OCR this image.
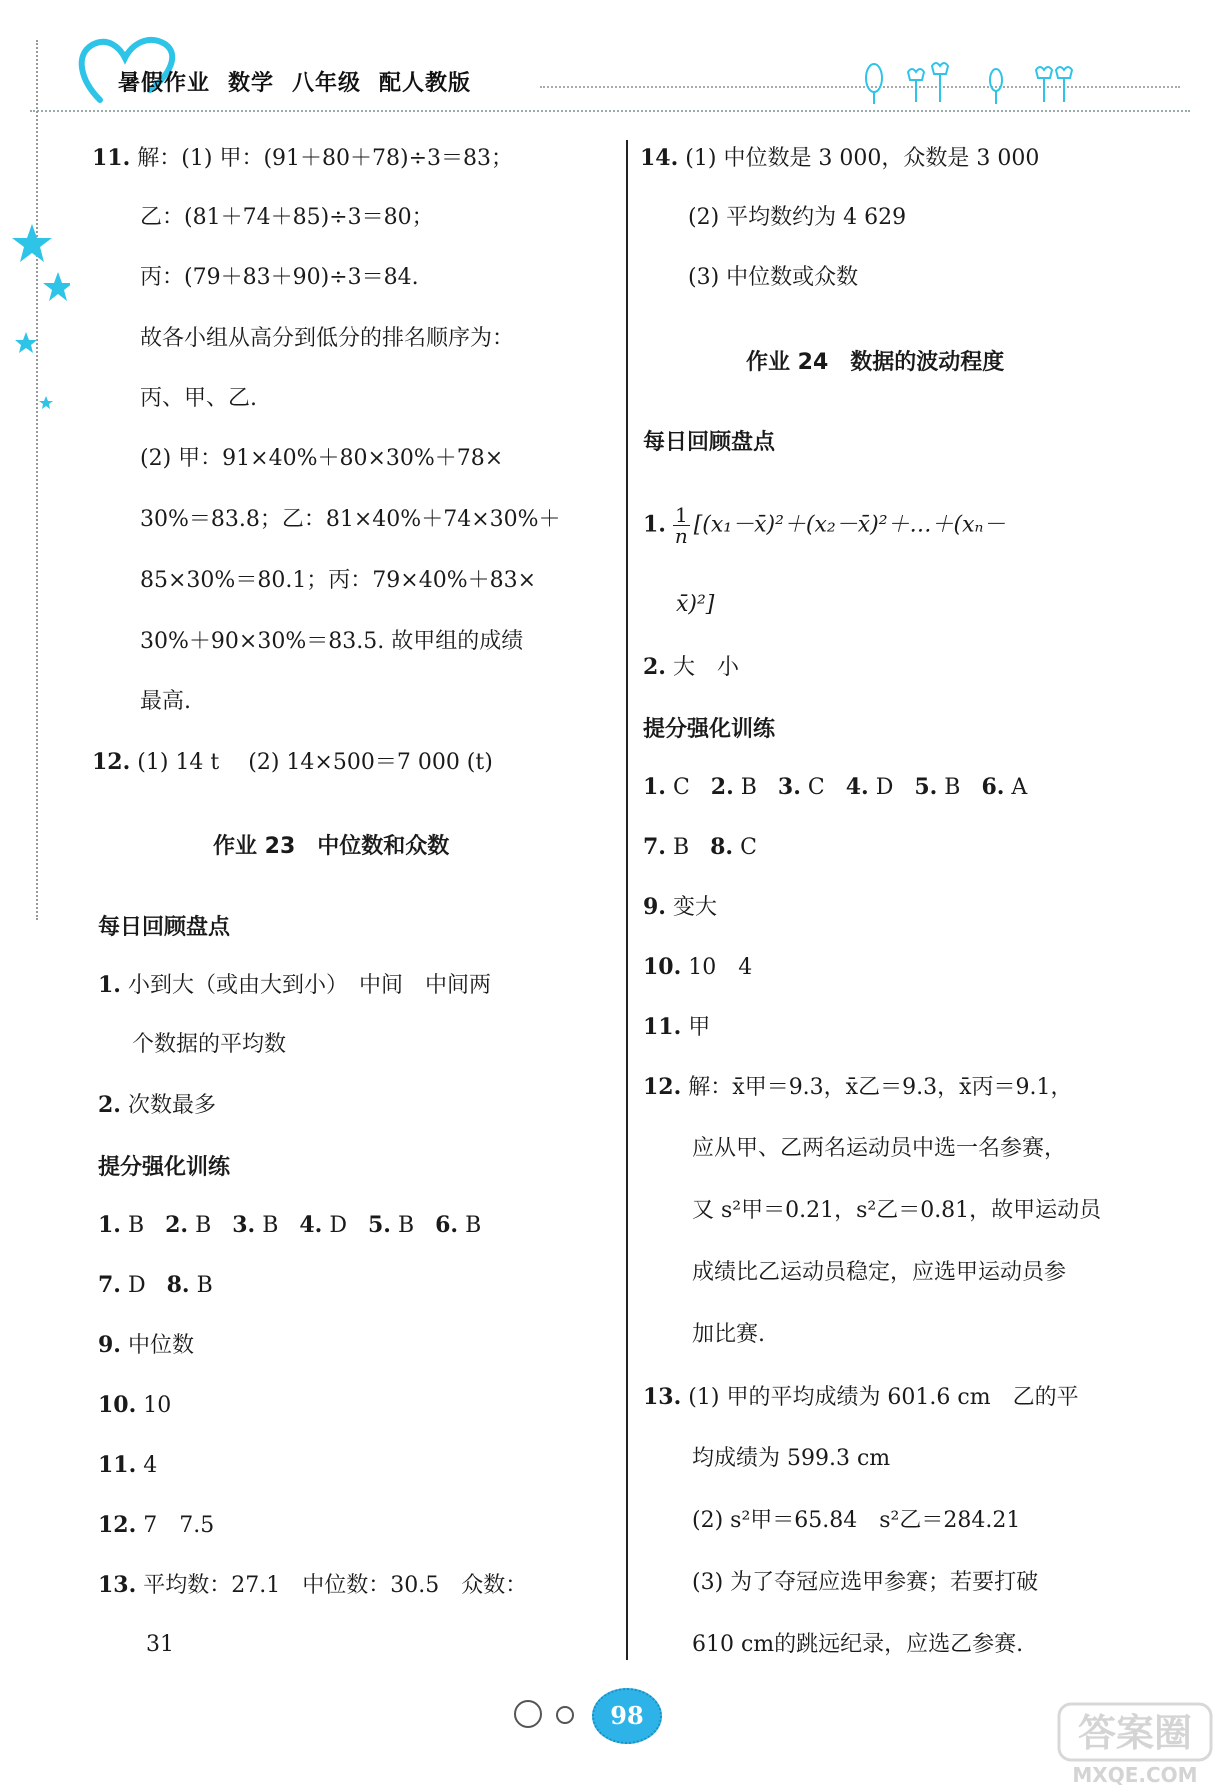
暑假作业 数学 八年级 配人教版
11. 解：(1) 甲：(91＋80＋78)÷3＝83；
乙：(81＋74＋85)÷3＝80；
丙：(79＋83＋90)÷3＝84.
故各小组从高分到低分的排名顺序为：
丙、甲、乙.
(2) 甲：91×40%＋80×30%＋78×
30%＝83.8；乙：81×40%＋74×30%＋
85×30%＝80.1；丙：79×40%＋83×
30%＋90×30%＝83.5. 故甲组的成绩
最高.
12. (1) 14 t　 (2) 14×500＝7 000 (t)
作业 23　中位数和众数
每日回顾盘点
1. 小到大（或由大到小）　中间　中间两
个数据的平均数
2. 次数最多
提分强化训练
1. B 2. B 3. B 4. D 5. B 6. B
7. D 8. B
9. 中位数
10. 10
11. 4
12. 7　7.5
13. 平均数：27.1　中位数：30.5　众数：
31
14. (1) 中位数是 3 000，众数是 3 000
(2) 平均数约为 4 629
(3) 中位数或众数
作业 24　数据的波动程度
每日回顾盘点
1. $\frac{1}{n}$ [(x₁－x̄)²＋(x₂－x̄)²＋…＋(xₙ－
x̄)²]
2. 大　小
提分强化训练
1. C 2. B 3. C 4. D 5. B 6. A
7. B 8. C
9. 变大
10. 10　4
11. 甲
12. 解：x̄甲＝9.3，x̄乙＝9.3，x̄丙＝9.1，
应从甲、乙两名运动员中选一名参赛，
又 s²甲＝0.21，s²乙＝0.81，故甲运动员
成绩比乙运动员稳定，应选甲运动员参
加比赛.
13. (1) 甲的平均成绩为 601.6 cm　乙的平
均成绩为 599.3 cm
(2) s²甲＝65.84　s²乙＝284.21
(3) 为了夺冠应选甲参赛；若要打破
610 cm的跳远纪录，应选乙参赛.
98	答案圈
MXQE.COM
